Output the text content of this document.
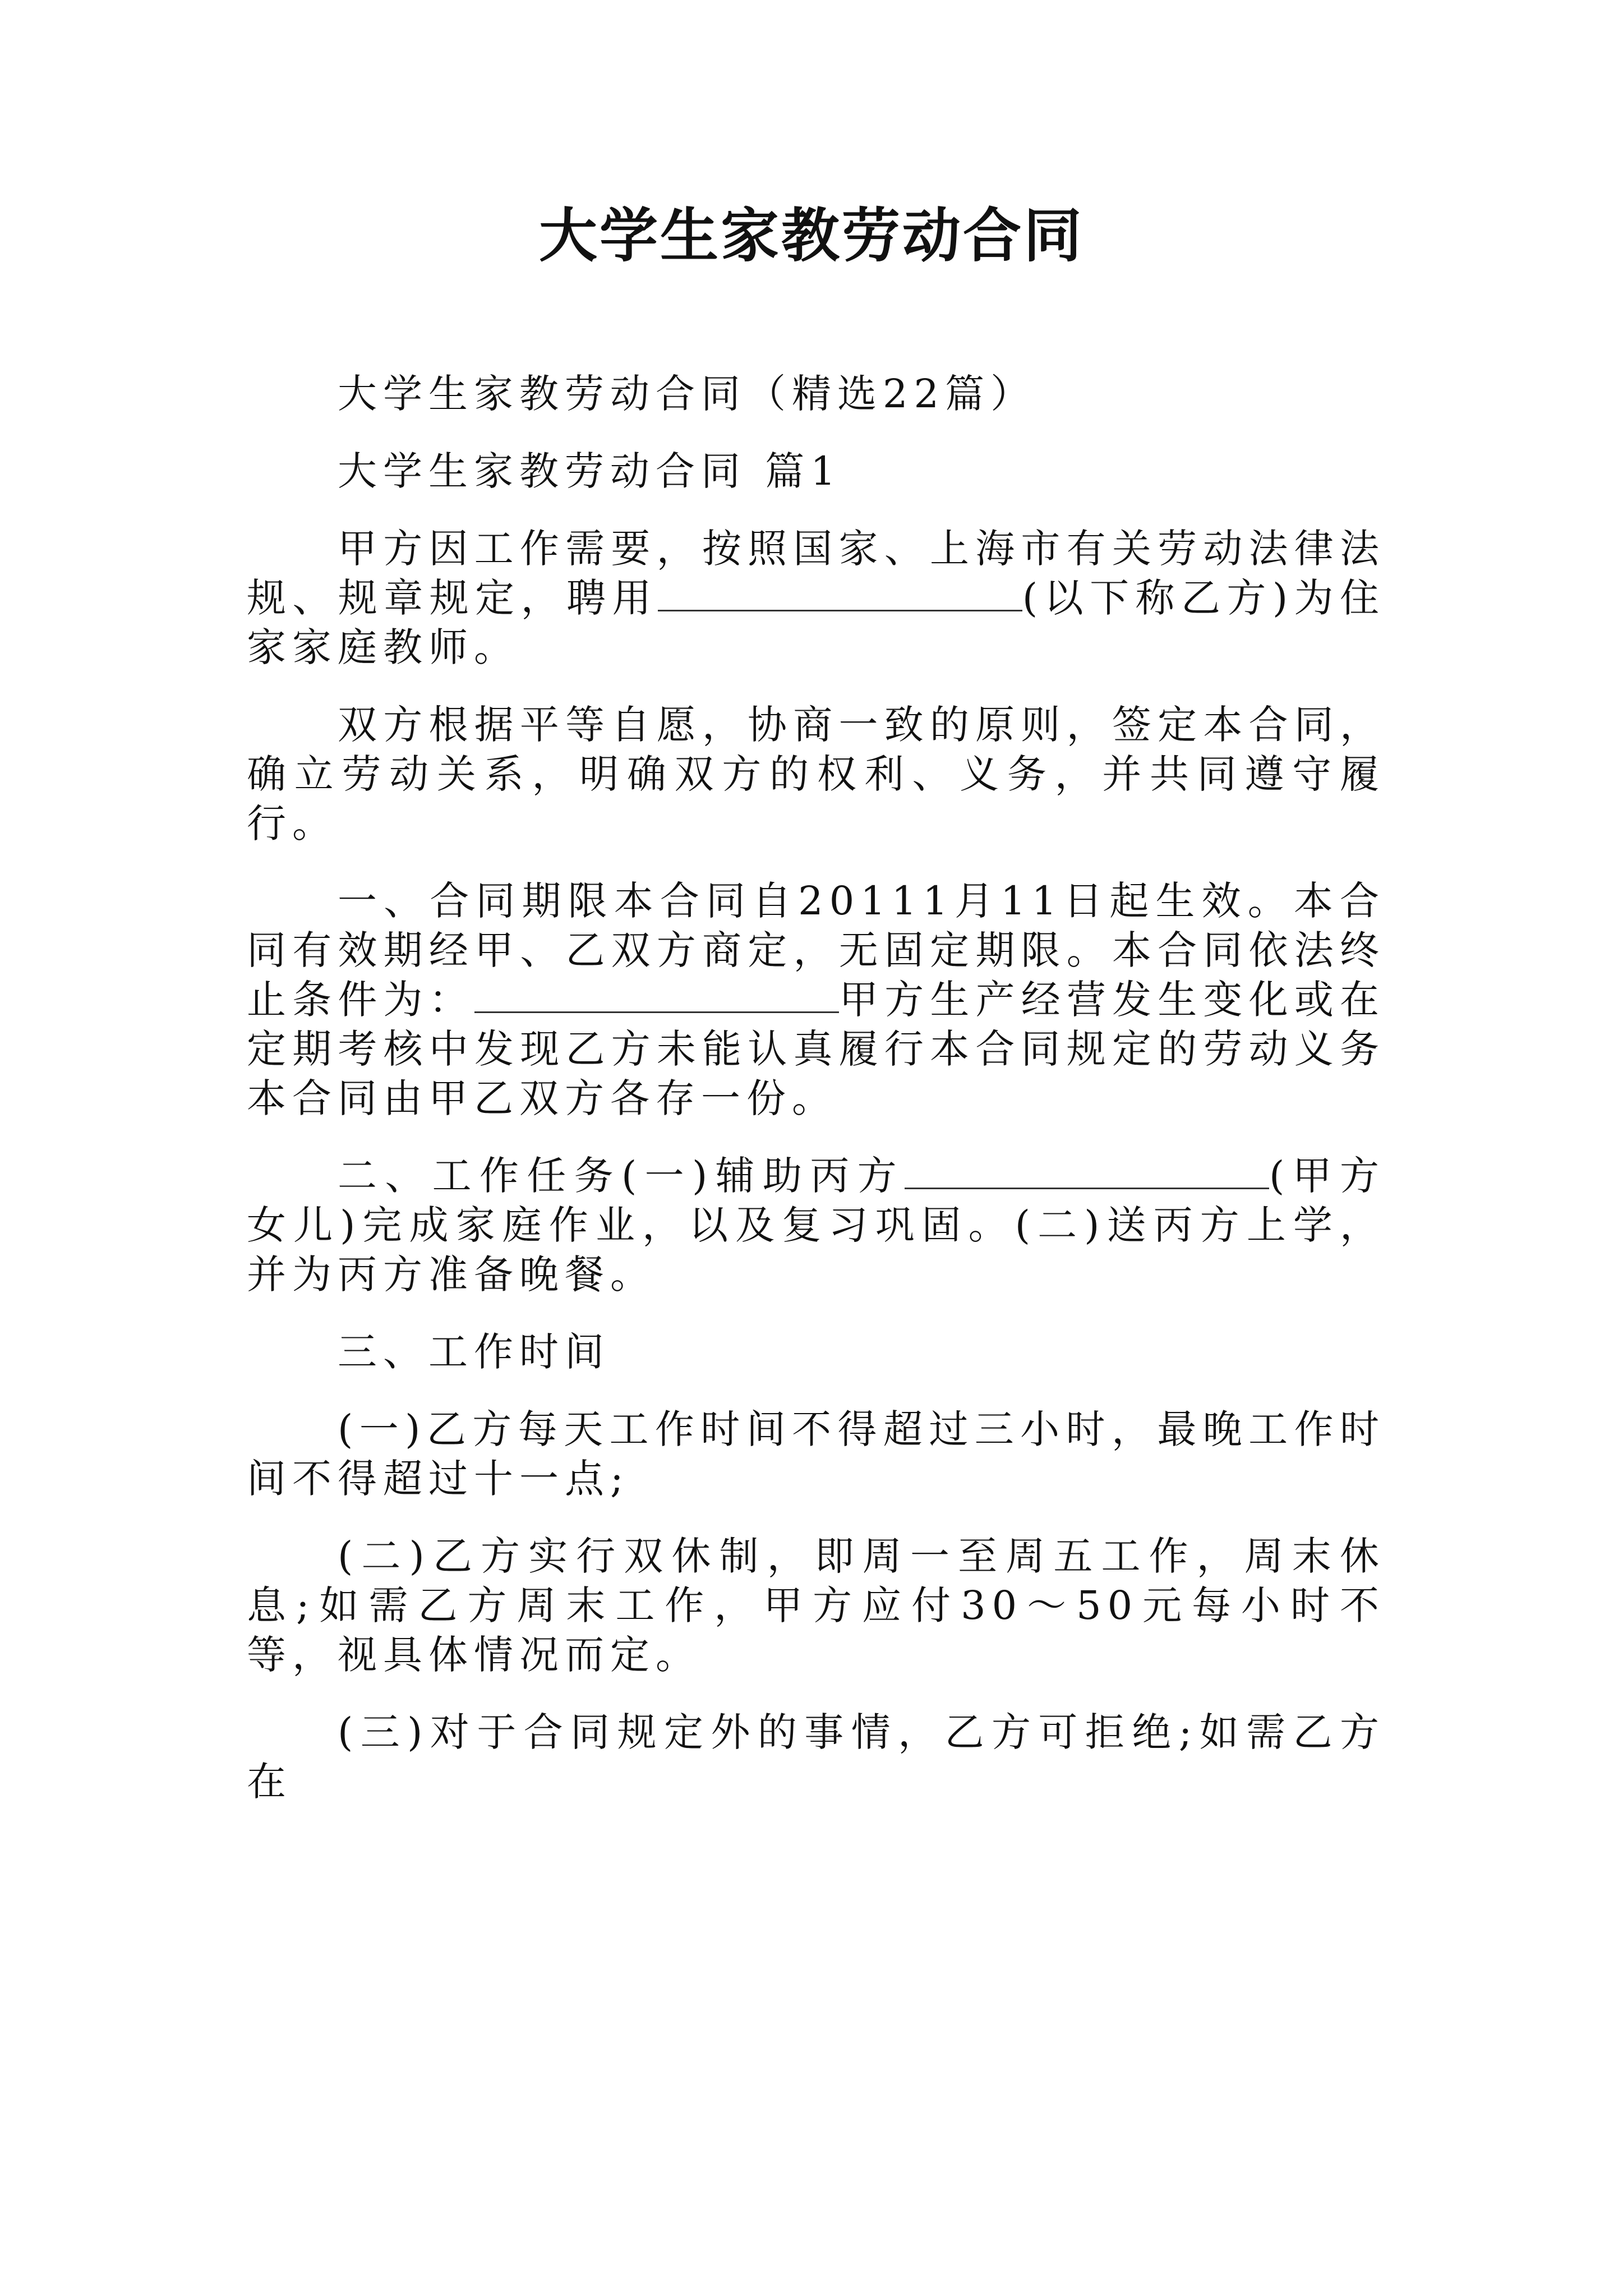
大学生家教劳动合同

大学生家教劳动合同（精选22篇）

大学生家教劳动合同 篇1

甲方因工作需要，按照国家、上海市有关劳动法律法规、规章规定，聘用	(以下称乙方)为住家家庭教师。

双方根据平等自愿，协商一致的原则，签定本合同，确立劳动关系，明确双方的权利、义务，并共同遵守履行。

一、合同期限本合同自20111月11日起生效。本合同有效期经甲、乙双方商定，无固定期限。本合同依法终止条件为：	甲方生产经营发生变化或在定期考核中发现乙方未能认真履行本合同规定的劳动义务本合同由甲乙双方各存一份。

二、工作任务(一)辅助丙方	(甲方女儿)完成家庭作业，以及复习巩固。(二)送丙方上学，并为丙方准备晚餐。

三、工作时间

(一)乙方每天工作时间不得超过三小时，最晚工作时间不得超过十一点;

(二)乙方实行双休制，即周一至周五工作，周末休息;如需乙方周末工作，甲方应付30～50元每小时不等，视具体情况而定。

(三)对于合同规定外的事情，乙方可拒绝;如需乙方在
